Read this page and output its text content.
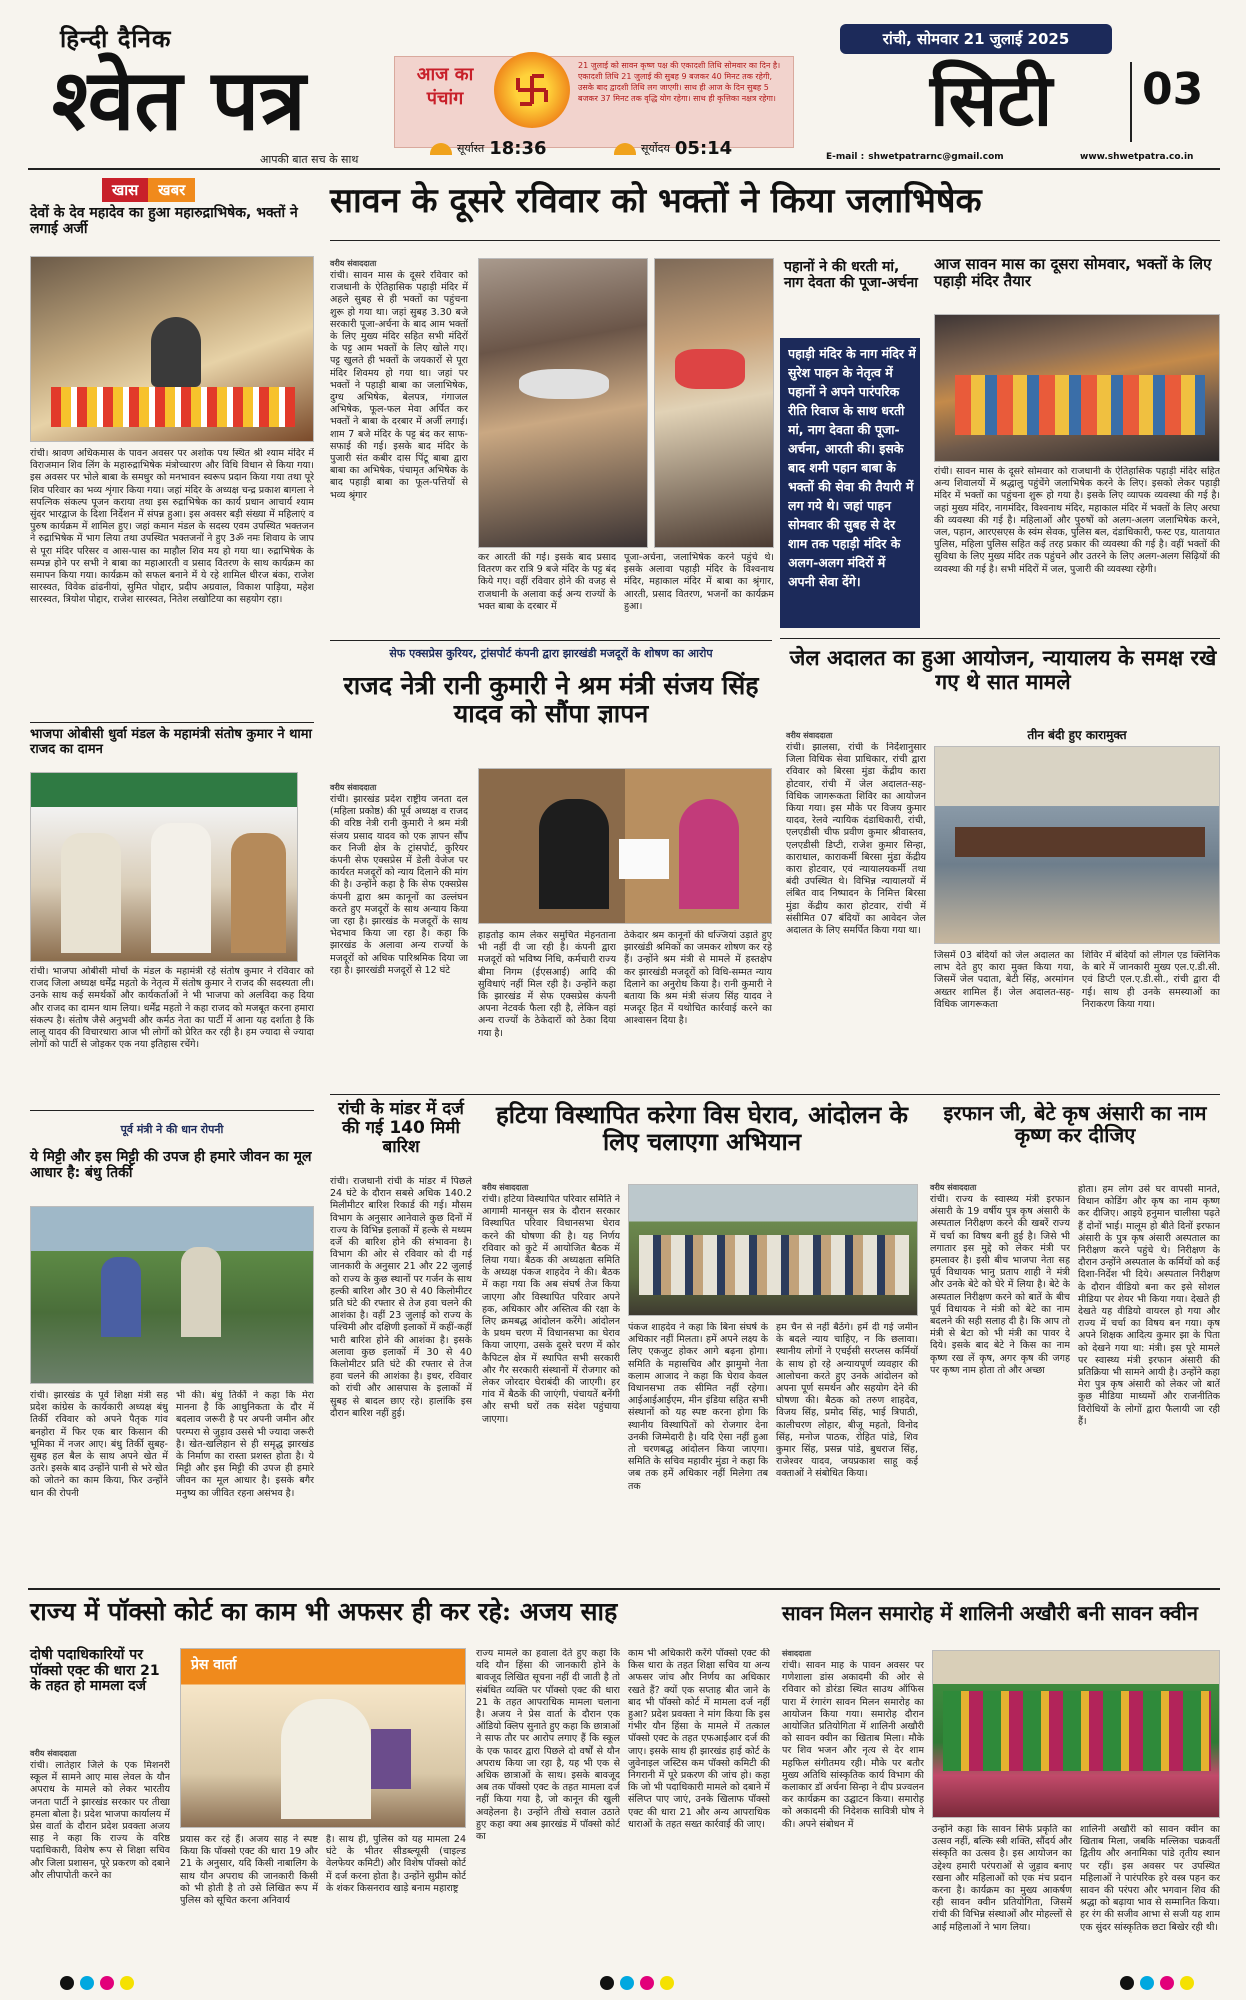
हिन्दी दैनिक
श्वेत पत्र
आपकी बात सच के साथ
आज का
पंचांग
21 जुलाई को सावन कृष्ण पक्ष की एकादशी तिथि सोमवार का दिन है। एकादशी तिथि 21 जुलाई की सुबह 9 बजकर 40 मिनट तक रहेगी, उसके बाद द्वादशी तिथि लग जाएगी। साथ ही आज के दिन सुबह 5 बजकर 37 मिनट तक वृद्धि योग रहेगा। साथ ही कृत्तिका नक्षत्र रहेगा।
सूर्यास्त 18:36	सूर्योदय 05:14
रांची, सोमवार 21 जुलाई 2025
सिटी 03
E-mail : shwetpatrarnc@gmail.com	www.shwetpatra.co.in
खास	खबर	सावन के दूसरे रविवार को भक्तों ने किया जलाभिषेक
देवों के देव महादेव का हुआ महारुद्राभिषेक, भक्तों ने लगाई अर्जी
रांची। श्रावण अधिकमास के पावन अवसर पर अशोक पथ स्थित श्री श्याम मंदिर में विराजमान शिव लिंग के महारुद्राभिषेक मंत्रोच्चारण और विधि विधान से किया गया। इस अवसर पर भोले बाबा के समधुर को मनभावन स्वरूप प्रदान किया गया तथा पूरे शिव परिवार का भव्य शृंगार किया गया। जहां मंदिर के अध्यक्ष चन्द्र प्रकाश बागला ने सपत्निक संकल्प पूजन कराया तथा इस रुद्राभिषेक का कार्य प्रधान आचार्य श्याम सुंदर भारद्वाज के दिशा निर्देशन में संपन्न हुआ। इस अवसर बड़ी संख्या में महिलाएं व पुरुष कार्यक्रम में शामिल हुए। जहां कमान मंडल के सदस्य एवम उपस्थित भक्तजन ने रुद्राभिषेक में भाग लिया तथा उपस्थित भक्तजनों ने हुए 3ॐ नमः शिवाय के जाप से पूरा मंदिर परिसर व आस-पास का माहौल शिव मय हो गया था। रुद्राभिषेक के सम्पन्न होने पर सभी ने बाबा का महाआरती व प्रसाद वितरण के साथ कार्यक्रम का समापन किया गया। कार्यक्रम को सफल बनाने में ये रहे शामिल धीरज बंका, राजेश सारस्वत, विवेक ढांढनीयां, सुमित पोद्दार, प्रदीप अग्रवाल, विकाश पाड़िया, महेश सारस्वत, त्रियोश पोद्दार, राजेश सारस्वत, नितेश लखोटिया का सहयोग रहा।
भाजपा ओबीसी धुर्वा मंडल के महामंत्री संतोष कुमार ने थामा राजद का दामन
रांची। भाजपा ओबीसी मोर्चा के मंडल के महामंत्री रहे संतोष कुमार ने रविवार को राजद जिला अध्यक्ष धर्मेंद्र महतो के नेतृत्व में संतोष कुमार ने राजद की सदस्यता ली। उनके साथ कई समर्थकों और कार्यकर्ताओं ने भी भाजपा को अलविदा कह दिया और राजद का दामन थाम लिया। धर्मेंद्र महतो ने कहा राजद को मजबूत करना हमारा संकल्प है। संतोष जैसे अनुभवी और कर्मठ नेता का पार्टी में आना यह दर्शाता है कि लालू यादव की विचारधारा आज भी लोगों को प्रेरित कर रही है। हम ज्यादा से ज्यादा लोगों को पार्टी से जोड़कर एक नया इतिहास रचेंगे।
पूर्व मंत्री ने की धान रोपनी
ये मिट्टी और इस मिट्टी की उपज ही हमारे जीवन का मूल आधार है: बंधु तिर्की
रांची। झारखंड के पूर्व शिक्षा मंत्री सह प्रदेश कांग्रेस के कार्यकारी अध्यक्ष बंधु तिर्की रविवार को अपने पैतृक गांव बनहोरा में फिर एक बार किसान की भूमिका में नजर आए। बंधु तिर्की सुबह-सुबह हल बैल के साथ अपने खेत में उतरे। इसके बाद उन्होंने पानी से भरे खेत को जोतने का काम किया, फिर उन्होंने धान की रोपनी
भी की। बंधु तिर्की ने कहा कि मेरा मानना है कि आधुनिकता के दौर में बदलाव जरूरी है पर अपनी जमीन और परम्परा से जुड़ाव उससे भी ज्यादा जरूरी है। खेत-खलिहान से ही समृद्ध झारखंड के निर्माण का रास्ता प्रशस्त होता है। ये मिट्टी और इस मिट्टी की उपज ही हमारे जीवन का मूल आधार है। इसके बगैर मनुष्य का जीवित रहना असंभव है।
वरीय संवाददाता
रांची। सावन मास के दूसरे रविवार को राजधानी के ऐतिहासिक पहाड़ी मंदिर में अहले सुबह से ही भक्तों का पहुंचना शुरू हो गया था। जहां सुबह 3.30 बजे सरकारी पूजा-अर्चना के बाद आम भक्तों के लिए मुख्य मंदिर सहित सभी मंदिरों के पट्ट आम भक्तों के लिए खोले गए। पट्ट खुलते ही भक्तों के जयकारों से पूरा मंदिर शिवमय हो गया था। जहां पर भक्तों ने पहाड़ी बाबा का जलाभिषेक, दुग्ध अभिषेक, बेलपत्र, गंगाजल अभिषेक, फूल-फल मेवा अर्पित कर भक्तों ने बाबा के दरबार में अर्जी लगाई। शाम 7 बजे मंदिर के पट्ट बंद कर साफ-सफाई की गई। इसके बाद मंदिर के पुजारी संत कबीर दास पिंटू बाबा द्वारा बाबा का अभिषेक, पंचामृत अभिषेक के बाद पहाड़ी बाबा का फूल-पत्तियों से भव्य श्रृंगार
कर आरती की गई। इसके बाद प्रसाद वितरण कर रात्रि 9 बजे मंदिर के पट्ट बंद किये गए। वहीं रविवार होने की वजह से राजधानी के अलावा कई अन्य राज्यों के भक्त बाबा के दरबार में
पूजा-अर्चना, जलाभिषेक करने पहुंचे थे। इसके अलावा पहाड़ी मंदिर के विश्वनाथ मंदिर, महाकाल मंदिर में बाबा का श्रृंगार, आरती, प्रसाद वितरण, भजनों का कार्यक्रम हुआ।
पहानों ने की धरती मां, नाग देवता की पूजा-अर्चना
पहाड़ी मंदिर के नाग मंदिर में सुरेश पाहन के नेतृत्व में पहानों ने अपने पारंपरिक रीति रिवाज के साथ धरती मां, नाग देवता की पूजा-अर्चना, आरती की। इसके बाद शमी पहान बाबा के भक्तों की सेवा की तैयारी में लग गये थे। जहां पाहन सोमवार की सुबह से देर शाम तक पहाड़ी मंदिर के अलग-अलग मंदिरों में अपनी सेवा देंगे।
आज सावन मास का दूसरा सोमवार, भक्तों के लिए पहाड़ी मंदिर तैयार
रांची। सावन मास के दूसरे सोमवार को राजधानी के ऐतिहासिक पहाड़ी मंदिर सहित अन्य शिवालयों में श्रद्धालु पहुंचेंगे जलाभिषेक करने के लिए। इसको लेकर पहाड़ी मंदिर में भक्तों का पहुंचना शुरू हो गया है। इसके लिए व्यापक व्यवस्था की गई है। जहां मुख्य मंदिर, नागमंदिर, विश्वनाथ मंदिर, महाकाल मंदिर में भक्तों के लिए अरघा की व्यवस्था की गई है। महिलाओं और पुरुषों को अलग-अलग जलाभिषेक करने, जल, पहान, आरएसएस के स्वंम सेवक, पुलिस बल, दंडाधिकारी, फस्ट एड, यातायात पुलिस, महिला पुलिस सहित कई तरह प्रकार की व्यवस्था की गई है। वहीं भक्तों की सुविधा के लिए मुख्य मंदिर तक पहुंचने और उतरने के लिए अलग-अलग सिढ़ियों की व्यवस्था की गई है। सभी मंदिरों में जल, पुजारी की व्यवस्था रहेगी।
सेफ एक्सप्रेस कुरियर, ट्रांसपोर्ट कंपनी द्वारा झारखंडी मजदूरों के शोषण का आरोप
राजद नेत्री रानी कुमारी ने श्रम मंत्री संजय सिंह यादव को सौंपा ज्ञापन
वरीय संवाददाता
रांची। झारखंड प्रदेश राष्ट्रीय जनता दल (महिला प्रकोष्ठ) की पूर्व अध्यक्ष व राजद की वरिष्ठ नेत्री रानी कुमारी ने श्रम मंत्री संजय प्रसाद यादव को एक ज्ञापन सौंप कर निजी क्षेत्र के ट्रांसपोर्ट, कुरियर कंपनी सेफ एक्सप्रेस में डेली वेजेज पर कार्यरत मजदूरों को न्याय दिलाने की मांग की है। उन्होंने कहा है कि सेफ एक्सप्रेस कंपनी द्वारा श्रम कानूनों का उल्लंघन करते हुए मजदूरों के साथ अन्याय किया जा रहा है। झारखंड के मजदूरों के साथ भेदभाव किया जा रहा है। कहा कि झारखंड के अलावा अन्य राज्यों के मजदूरों को अधिक पारिश्रमिक दिया जा रहा है। झारखंडी मजदूरों से 12 घंटे
हाड़तोड़ काम लेकर समुचित मेहनताना भी नहीं दी जा रही है। कंपनी द्वारा मजदूरों को भविष्य निधि, कर्मचारी राज्य बीमा निगम (ईएसआई) आदि की सुविधाएं नहीं मिल रही है। उन्होंने कहा कि झारखंड में सेफ एक्सप्रेस कंपनी अपना नेटवर्क फैला रही है, लेकिन वहां अन्य राज्यों के ठेकेदारों को ठेका दिया गया है।
ठेकेदार श्रम कानूनों की धज्जियां उड़ाते हुए झारखंडी श्रमिकों का जमकर शोषण कर रहे हैं। उन्होंने श्रम मंत्री से मामले में हस्तक्षेप कर झारखंडी मजदूरों को विधि-सम्मत न्याय दिलाने का अनुरोध किया है। रानी कुमारी ने बताया कि श्रम मंत्री संजय सिंह यादव ने मजदूर हित में यथोचित कार्रवाई करने का आश्वासन दिया है।
जेल अदालत का हुआ आयोजन, न्यायालय के समक्ष रखे गए थे सात मामले
वरीय संवाददाता
रांची। झालसा, रांची के निर्देशानुसार जिला विधिक सेवा प्राधिकार, रांची द्वारा रविवार को बिरसा मुंडा केंद्रीय कारा होटवार, रांची में जेल अदालत-सह-विधिक जागरूकता शिविर का आयोजन किया गया। इस मौके पर विजय कुमार यादव, रेलवे न्यायिक दंडाधिकारी, रांची, एलएडीसी चीफ प्रवीण कुमार श्रीवास्तव, एलएडीसी डिप्टी, राजेश कुमार सिन्हा, काराधाल, काराकर्मी बिरसा मुंडा केंद्रीय कारा होटवार, एवं न्यायालयकर्मी तथा बंदी उपस्थित थे। विभिन्न न्यायालयों में लंबित वाद निष्पादन के निमित्त बिरसा मुंडा केंद्रीय कारा होटवार, रांची में संसीमित 07 बंदियों का आवेदन जेल अदालत के लिए समर्पित किया गया था।
तीन बंदी हुए कारामुक्त
जिसमें 03 बंदियों को जेल अदालत का लाभ देते हुए कारा मुक्त किया गया, जिसमें जेल पदाता, बेटी सिंह, अरमांगन अख्तर शामिल हैं। जेल अदालत-सह-विधिक जागरूकता
शिविर में बंदियों को लीगल एड क्लिनिक के बारे में जानकारी मुख्य एल.ए.डी.सी. एवं डिप्टी एल.ए.डी.सी., रांची द्वारा दी गई। साथ ही उनके समस्याओं का निराकरण किया गया।
रांची के मांडर में दर्ज की गई 140 मिमी बारिश
रांची। राजधानी रांची के मांडर में पिछले 24 घंटे के दौरान सबसे अधिक 140.2 मिलीमीटर बारिश रिकार्ड की गई। मौसम विभाग के अनुसार आनेवाले कुछ दिनों में राज्य के विभिन्न इलाकों में हल्के से मध्यम दर्जे की बारिश होने की संभावना है। विभाग की ओर से रविवार को दी गई जानकारी के अनुसार 21 और 22 जुलाई को राज्य के कुछ स्थानों पर गर्जन के साथ हल्की बारिश और 30 से 40 किलोमीटर प्रति घंटे की रफ्तार से तेज हवा चलने की आशंका है। वहीं 23 जुलाई को राज्य के पश्चिमी और दक्षिणी इलाकों में कहीं-कहीं भारी बारिश होने की आशंका है। इसके अलावा कुछ इलाकों में 30 से 40 किलोमीटर प्रति घंटे की रफ्तार से तेज हवा चलने की आशंका है। इधर, रविवार को रांची और आसपास के इलाकों में सुबह से बादल छाए रहे। हालांकि इस दौरान बारिश नहीं हुई।
हटिया विस्थापित करेगा विस घेराव, आंदोलन के लिए चलाएगा अभियान
वरीय संवाददाता
रांची। हटिया विस्थापित परिवार समिति ने आगामी मानसून सत्र के दौरान सरकार विस्थापित परिवार विधानसभा घेराव करने की घोषणा की है। यह निर्णय रविवार को कुटे में आयोजित बैठक में लिया गया। बैठक की अध्यक्षता समिति के अध्यक्ष पंकज शाहदेव ने की। बैठक में कहा गया कि अब संघर्ष तेज किया जाएगा और विस्थापित परिवार अपने हक, अधिकार और अस्तित्व की रक्षा के लिए क्रमबद्ध आंदोलन करेंगे। आंदोलन के प्रथम चरण में विधानसभा का घेराव किया जाएगा, उसके दूसरे चरण में कोर कैपिटल क्षेत्र में स्थापित सभी सरकारी और गैर सरकारी संस्थानों में रोजगार को लेकर जोरदार घेराबंदी की जाएगी। हर गांव में बैठकें की जाएंगी, पंचायतें बनेंगी और सभी घरों तक संदेश पहुंचाया जाएगा।
पंकज शाहदेव ने कहा कि बिना संघर्ष के अधिकार नहीं मिलता। हमें अपने लक्ष्य के लिए एकजुट होकर आगे बढ़ना होगा। समिति के महासचिव और झामुमो नेता कलाम आजाद ने कहा कि घेराव केवल विधानसभा तक सीमित नहीं रहेगा। आईआईआईएम, मीन इंडिया सहित सभी संस्थानों को यह स्पष्ट करना होगा कि स्थानीय विस्थापितों को रोजगार देना उनकी जिम्मेदारी है। यदि ऐसा नहीं हुआ तो चरणबद्ध आंदोलन किया जाएगा। समिति के सचिव महावीर मुंडा ने कहा कि जब तक हमें अधिकार नहीं मिलेगा तब तक
हम चैन से नहीं बैठेंगे। हमें दी गई जमीन के बदले न्याय चाहिए, न कि छलावा। स्थानीय लोगों ने एचईसी सरप्लस कर्मियों के साथ हो रहे अन्यायपूर्ण व्यवहार की आलोचना करते हुए उनके आंदोलन को अपना पूर्ण समर्थन और सहयोग देने की घोषणा की। बैठक को तरुण शाहदेव, विजय सिंह, प्रमोद सिंह, भाई त्रिपाठी, कालीचरण लोहार, बीजू महतो, विनोद सिंह, मनोज पाठक, रोहित पांडे, शिव कुमार सिंह, प्रसन्न पांडे, बुधराज सिंह, राजेश्वर यादव, जयप्रकाश साहू कई वक्ताओं ने संबोधित किया।
इरफान जी, बेटे कृष अंसारी का नाम कृष्ण कर दीजिए
वरीय संवाददाता
रांची। राज्य के स्वास्थ्य मंत्री इरफान अंसारी के 19 वर्षीय पुत्र कृष अंसारी के अस्पताल निरीक्षण करने की खबरें राज्य में चर्चा का विषय बनी हुई है। जिसे भी लगातार इस मुद्दे को लेकर मंत्री पर हमलावर है। इसी बीच भाजपा नेता सह पूर्व विधायक भानु प्रताप शाही ने मंत्री और उनके बेटे को घेरे में लिया है। बेटे के अस्पताल निरीक्षण करने को बातें के बीच पूर्व विधायक ने मंत्री को बेटे का नाम बदलने की सही सलाह दी है। कि आप तो मंत्री से बेटा को भी मंत्री का पावर दे दिये। इसके बाद बेटे ने किस का नाम कृष्ण रख लें कृष, अगर कृष की जगह पर कृष्ण नाम होता तो और अच्छा
होता। हम लोग उसे घर वापसी मानते, विधान कोडिंग और कृष का नाम कृष्ण कर दीजिए। आइये हनुमान चालीसा पढ़ते हैं दोनों भाई। मालूम हो बीते दिनों इरफान अंसारी के पुत्र कृष अंसारी अस्पताल का निरीक्षण करने पहुंचे थे। निरीक्षण के दौरान उन्होंने अस्पताल के कर्मियों को कई दिशा-निर्देश भी दिये। अस्पताल निरीक्षण के दौरान वीडियो बना कर इसे सोशल मीडिया पर शेयर भी किया गया। देखते ही देखते यह वीडियो वायरल हो गया और राज्य में चर्चा का विषय बन गया। कृष अपने शिक्षक आदित्य कुमार झा के पिता को देखने गया था: मंत्री। इस पूरे मामले पर स्वास्थ्य मंत्री इरफान अंसारी की प्रतिक्रिया भी सामने आयी है। उन्होंने कहा मेरा पुत्र कृष अंसारी को लेकर जो बातें कुछ मीडिया माध्यमों और राजनीतिक विरोधियों के लोगों द्वारा फैलायी जा रही हैं।
राज्य में पॉक्सो कोर्ट का काम भी अफसर ही कर रहे: अजय साह
दोषी पदाधिकारियों पर पॉक्सो एक्ट की धारा 21 के तहत हो मामला दर्ज
वरीय संवाददाता
रांची। लातेहार जिले के एक मिशनरी स्कूल में सामने आए मास लेवल के यौन अपराध के मामले को लेकर भारतीय जनता पार्टी ने झारखंड सरकार पर तीखा हमला बोला है। प्रदेश भाजपा कार्यालय में प्रेस वार्ता के दौरान प्रदेश प्रवक्ता अजय साह ने कहा कि राज्य के वरिष्ठ पदाधिकारी, विशेष रूप से शिक्षा सचिव और जिला प्रशासन, पूरे प्रकरण को दबाने और लीपापोती करने का
प्रेस वार्ता
प्रयास कर रहे हैं। अजय साह ने स्पष्ट किया कि पॉक्सो एक्ट की धारा 19 और 21 के अनुसार, यदि किसी नाबालिग के साथ यौन अपराध की जानकारी किसी को भी होती है तो उसे लिखित रूप में पुलिस को सूचित करना अनिवार्य
है। साथ ही, पुलिस को यह मामला 24 घंटे के भीतर सीडब्ल्यूसी (चाइल्ड वेलफेयर कमिटी) और विशेष पॉक्सो कोर्ट में दर्ज करना होता है। उन्होंने सुप्रीम कोर्ट के शंकर किसनराव खाड़े बनाम महाराष्ट्र
राज्य मामले का हवाला देते हुए कहा कि यदि यौन हिंसा की जानकारी होने के बावजूद लिखित सूचना नहीं दी जाती है तो संबंधित व्यक्ति पर पॉक्सो एक्ट की धारा 21 के तहत आपराधिक मामला चलाना है। अजय ने प्रेस वार्ता के दौरान एक ऑडियो क्लिप सुनाते हुए कहा कि छात्राओं ने साफ तौर पर आरोप लगाए हैं कि स्कूल के एक फादर द्वारा पिछले दो वर्षों से यौन अपराध किया जा रहा है, यह भी एक से अधिक छात्राओं के साथ। इसके बावजूद अब तक पॉक्सो एक्ट के तहत मामला दर्ज नहीं किया गया है, जो कानून की खुली अवहेलना है। उन्होंने तीखे सवाल उठाते हुए कहा क्या अब झारखंड में पॉक्सो कोर्ट का
काम भी अधिकारी करेंगे पॉक्सो एक्ट की किस धारा के तहत शिक्षा सचिव या अन्य अफसर जांच और निर्णय का अधिकार रखते हैं? क्यों एक सप्ताह बीत जाने के बाद भी पॉक्सो कोर्ट में मामला दर्ज नहीं हुआ? प्रदेश प्रवक्ता ने मांग किया कि इस गंभीर यौन हिंसा के मामले में तत्काल पॉक्सो एक्ट के तहत एफआईआर दर्ज की जाए। इसके साथ ही झारखंड हाई कोर्ट के जुवेनाइल जस्टिस कम पॉक्सो कमिटी की निगरानी में पूरे प्रकरण की जांच हो। कहा कि जो भी पदाधिकारी मामले को दबाने में संलिप्त पाए जाएं, उनके खिलाफ पॉक्सो एक्ट की धारा 21 और अन्य आपराधिक धाराओं के तहत सख्त कार्रवाई की जाए।
सावन मिलन समारोह में शालिनी अखौरी बनी सावन क्वीन
संवाददाता
रांची। सावन माह के पावन अवसर पर गणेशाला डांस अकादमी की ओर से रविवार को डोरंडा स्थित साउथ ऑफिस पारा में रंगारंग सावन मिलन समारोह का आयोजन किया गया। समारोह दौरान आयोजित प्रतियोगिता में शालिनी अखौरी को सावन क्वीन का खिताब मिला। मौके पर शिव भजन और नृत्य से देर शाम महफिल संगीतमय रही। मौके पर बतौर मुख्य अतिथि सांस्कृतिक कार्य विभाग की कलाकार डॉ अर्चना सिन्हा ने दीप प्रज्वलन कर कार्यक्रम का उद्घाटन किया। समारोह को अकादमी की निदेशक सावित्री घोष ने की। अपने संबोधन में	उन्होंने कहा कि सावन सिर्फ प्रकृति का उत्सव नहीं, बल्कि स्त्री शक्ति, सौंदर्य और संस्कृति का उत्सव है। इस आयोजन का उद्देश्य हमारी परंपराओं से जुड़ाव बनाए रखना और महिलाओं को एक मंच प्रदान करना है। कार्यक्रम का मुख्य आकर्षण रही सावन क्वीन प्रतियोगिता, जिसमें रांची की विभिन्न संस्थाओं और मोहल्लों से आईं महिलाओं ने भाग लिया।
शालिनी अखौरी को सावन क्वीन का खिताब मिला, जबकि मल्लिका चक्रवर्ती द्वितीय और अनामिका पांडे तृतीय स्थान पर रहीं। इस अवसर पर उपस्थित महिलाओं ने पारंपरिक हरे वस्त्र पहन कर सावन की परंपरा और भगवान शिव की श्रद्धा को बढ़ाया भाव से सम्मानित किया। हर रंग की सजीव आभा से सजी यह शाम एक सुंदर सांस्कृतिक छटा बिखेर रही थी।
